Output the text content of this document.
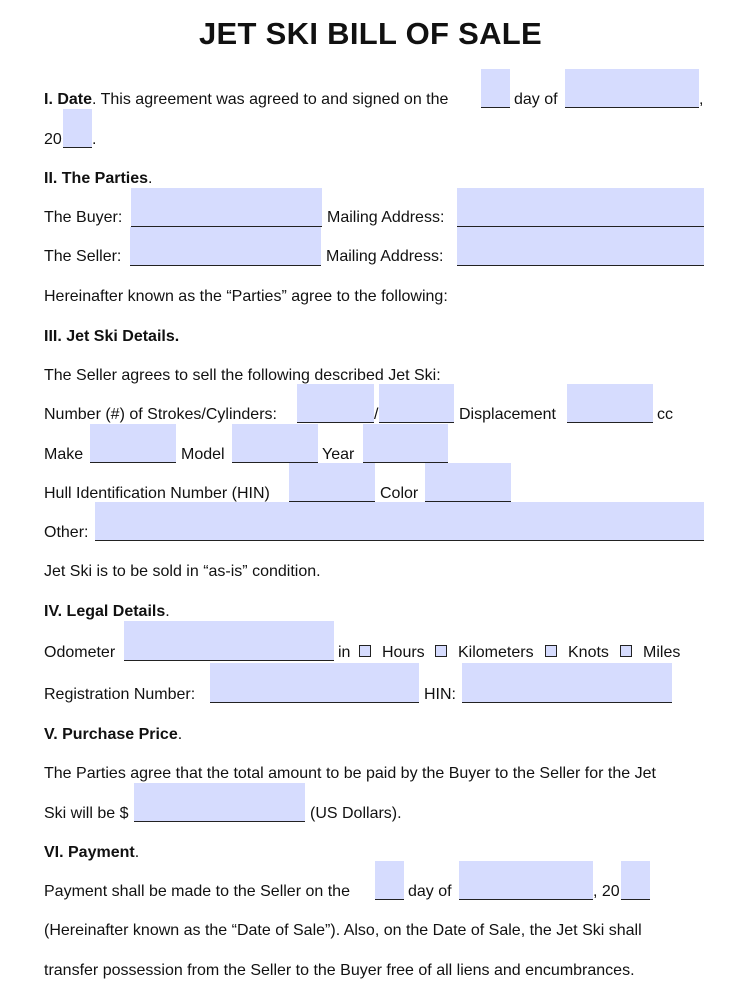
JET SKI BILL OF SALE
I. Date. This agreement was agreed to and signed on the	day of	,
20 .
II. The Parties.
The Buyer:	Mailing Address:
The Seller:	Mailing Address:
Hereinafter known as the “Parties” agree to the following:
III. Jet Ski Details.
The Seller agrees to sell the following described Jet Ski:
Number (#) of Strokes/Cylinders:	/	Displacement	cc
Make	Model	Year
Hull Identification Number (HIN)	Color
Other:
Jet Ski is to be sold in “as-is” condition.
IV. Legal Details.
Odometer	in Hours Kilometers Knots Miles
Registration Number:	HIN:
V. Purchase Price.
The Parties agree that the total amount to be paid by the Buyer to the Seller for the Jet
Ski will be $	(US Dollars).
VI. Payment.
Payment shall be made to the Seller on the	day of	, 20
(Hereinafter known as the “Date of Sale”). Also, on the Date of Sale, the Jet Ski shall
transfer possession from the Seller to the Buyer free of all liens and encumbrances.
